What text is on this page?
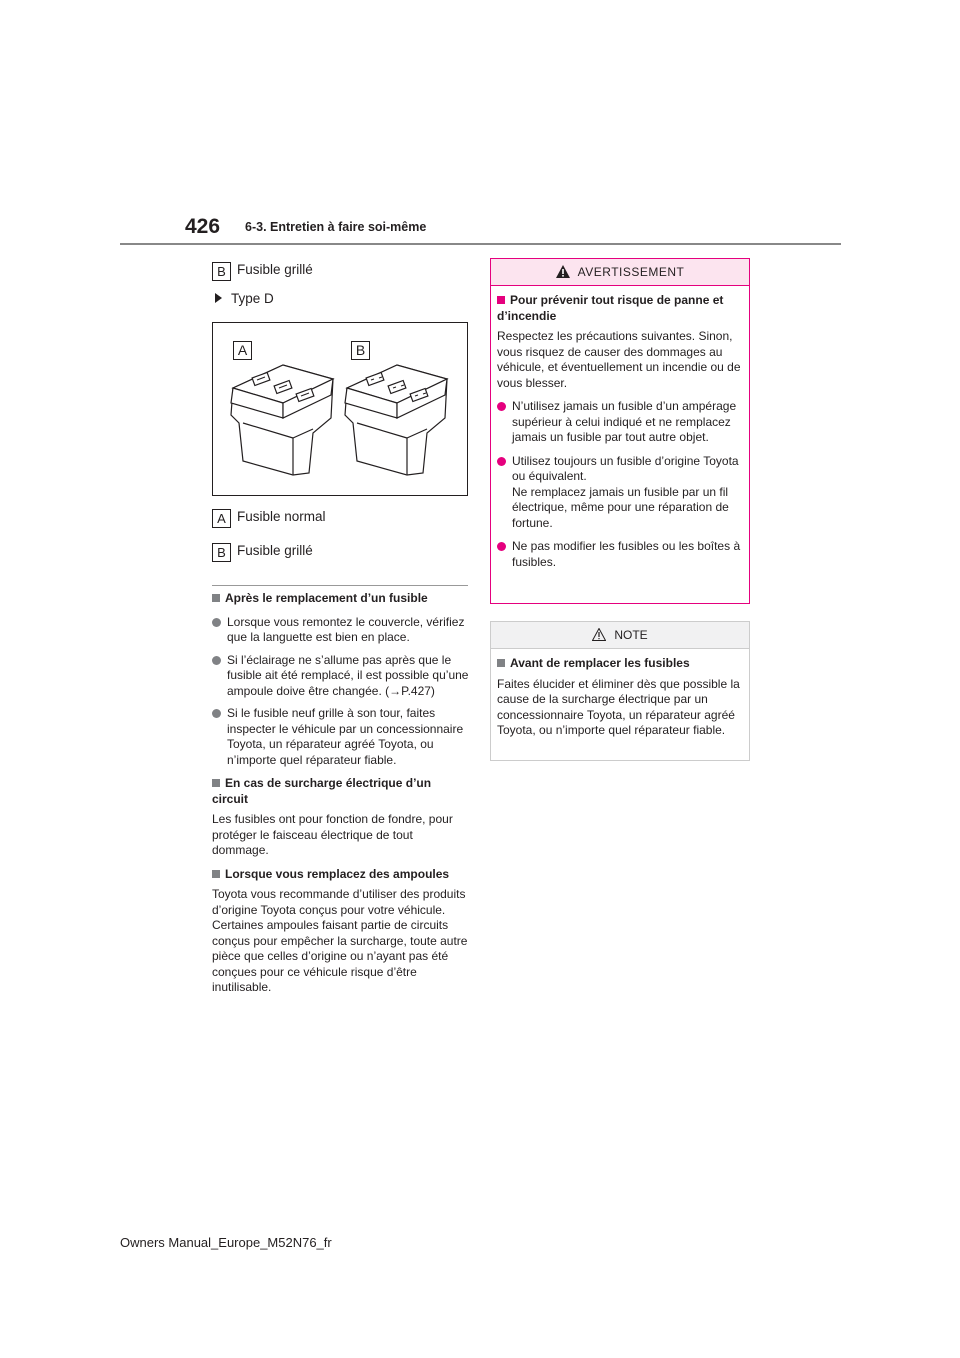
426 6-3. Entretien à faire soi-même
B Fusible grillé
Type D
A	B
A Fusible normal
B Fusible grillé
Après le remplacement d’un fusible
Lorsque vous remontez le couvercle, vérifiez que la languette est bien en place.
Si l’éclairage ne s’allume pas après que le fusible ait été remplacé, il est possible qu’une ampoule doive être changée. (→P.427)
Si le fusible neuf grille à son tour, faites inspecter le véhicule par un concessionnaire Toyota, un réparateur agréé Toyota, ou n’importe quel réparateur fiable.
En cas de surcharge électrique d’un circuit
Les fusibles ont pour fonction de fondre, pour protéger le faisceau électrique de tout dommage.
Lorsque vous remplacez des ampoules
Toyota vous recommande d’utiliser des produits d’origine Toyota conçus pour votre véhicule.
Certaines ampoules faisant partie de circuits conçus pour empêcher la surcharge, toute autre pièce que celles d’origine ou n’ayant pas été conçues pour ce véhicule risque d’être inutilisable.
AVERTISSEMENT
Pour prévenir tout risque de panne et d’incendie
Respectez les précautions suivantes. Sinon, vous risquez de causer des dommages au véhicule, et éventuellement un incendie ou de vous blesser.
N’utilisez jamais un fusible d’un ampérage supérieur à celui indiqué et ne remplacez jamais un fusible par tout autre objet.
Utilisez toujours un fusible d’origine Toyota ou équivalent.
Ne remplacez jamais un fusible par un fil électrique, même pour une réparation de fortune.
Ne pas modifier les fusibles ou les boîtes à fusibles.
NOTE
Avant de remplacer les fusibles
Faites élucider et éliminer dès que possible la cause de la surcharge électrique par un concessionnaire Toyota, un réparateur agréé Toyota, ou n’importe quel réparateur fiable.
Owners Manual_Europe_M52N76_fr
